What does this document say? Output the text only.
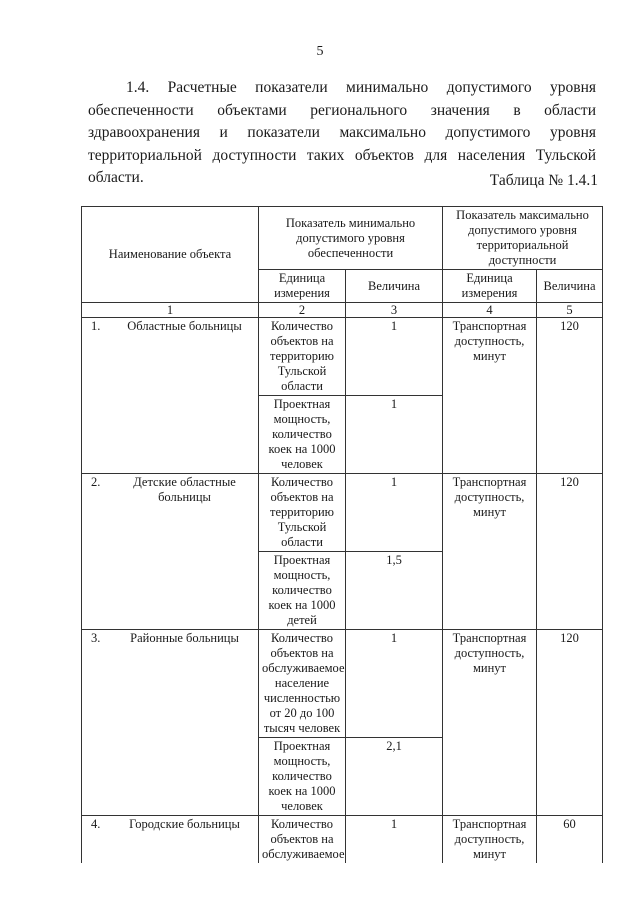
5

1.4. Расчетные показатели минимально допустимого уровня обеспеченности объектами регионального значения в области здравоохранения и показатели максимально допустимого уровня территориальной доступности таких объектов для населения Тульской области.	Таблица № 1.4.1
Наименование объекта	Показатель минимально допустимого уровня обеспеченности		Показатель максимально допустимого уровня территориальной доступности	
	Единица измерения	Величина	Единица измерения	Величина
1	2	3	4	5
1. Областные больницы	Количество объектов на территорию Тульской области	1	Транспортная доступность, минут	120
	Проектная мощность, количество коек на 1000 человек	1		
2. Детские областные больницы	Количество объектов на территорию Тульской области	1	Транспортная доступность, минут	120
	Проектная мощность, количество коек на 1000 детей	1,5		
3. Районные больницы	Количество объектов на обслуживаемое население численностью от 20 до 100 тысяч человек	1	Транспортная доступность, минут	120
	Проектная мощность, количество коек на 1000 человек	2,1		
4. Городские больницы	Количество объектов на обслуживаемое	1	Транспортная доступность, минут	60
